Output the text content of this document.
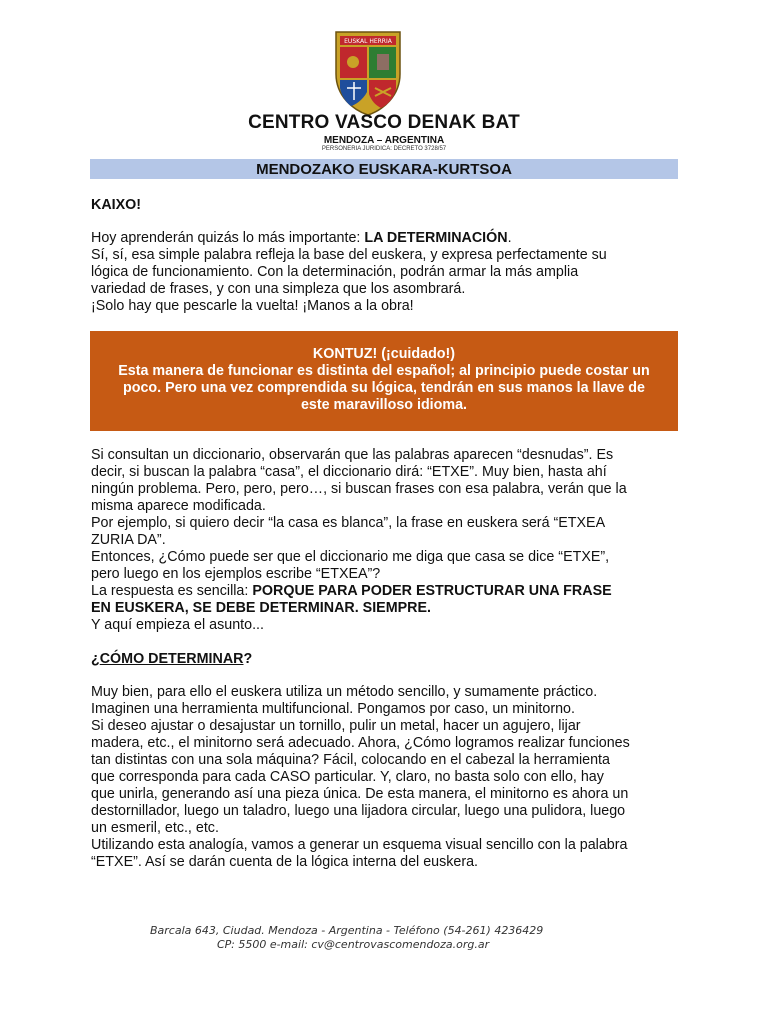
EUSKAL HERRIA
CENTRO VASCO DENAK BAT
MENDOZA – ARGENTINA
PERSONERIA JURIDICA: DECRETO 3728/57
MENDOZAKO EUSKARA-KURTSOA

KAIXO!

Hoy aprenderán quizás lo más importante: LA DETERMINACIÓN.
Sí, sí, esa simple palabra refleja la base del euskera, y expresa perfectamente su
lógica de funcionamiento. Con la determinación, podrán armar la más amplia
variedad de frases, y con una simpleza que los asombrará.
¡Solo hay que pescarle la vuelta! ¡Manos a la obra!

KONTUZ! (¡cuidado!)
Esta manera de funcionar es distinta del español; al principio puede costar un
poco. Pero una vez comprendida su lógica, tendrán en sus manos la llave de
este maravilloso idioma.

Si consultan un diccionario, observarán que las palabras aparecen “desnudas”. Es
decir, si buscan la palabra “casa”, el diccionario dirá: “ETXE”. Muy bien, hasta ahí
ningún problema. Pero, pero, pero…, si buscan frases con esa palabra, verán que la
misma aparece modificada.
Por ejemplo, si quiero decir “la casa es blanca”, la frase en euskera será “ETXEA
ZURIA DA”.
Entonces, ¿Cómo puede ser que el diccionario me diga que casa se dice “ETXE”,
pero luego en los ejemplos escribe “ETXEA”?
La respuesta es sencilla: PORQUE PARA PODER ESTRUCTURAR UNA FRASE
EN EUSKERA, SE DEBE DETERMINAR. SIEMPRE.
Y aquí empieza el asunto...

¿CÓMO DETERMINAR?

Muy bien, para ello el euskera utiliza un método sencillo, y sumamente práctico.
Imaginen una herramienta multifuncional. Pongamos por caso, un minitorno.
Si deseo ajustar o desajustar un tornillo, pulir un metal, hacer un agujero, lijar
madera, etc., el minitorno será adecuado. Ahora, ¿Cómo logramos realizar funciones
tan distintas con una sola máquina? Fácil, colocando en el cabezal la herramienta
que corresponda para cada CASO particular. Y, claro, no basta solo con ello, hay
que unirla, generando así una pieza única. De esta manera, el minitorno es ahora un
destornillador, luego un taladro, luego una lijadora circular, luego una pulidora, luego
un esmeril, etc., etc.
Utilizando esta analogía, vamos a generar un esquema visual sencillo con la palabra
“ETXE”. Así se darán cuenta de la lógica interna del euskera.

Barcala 643, Ciudad. Mendoza - Argentina - Teléfono (54-261) 4236429
CP: 5500 e-mail: cv@centrovascomendoza.org.ar
